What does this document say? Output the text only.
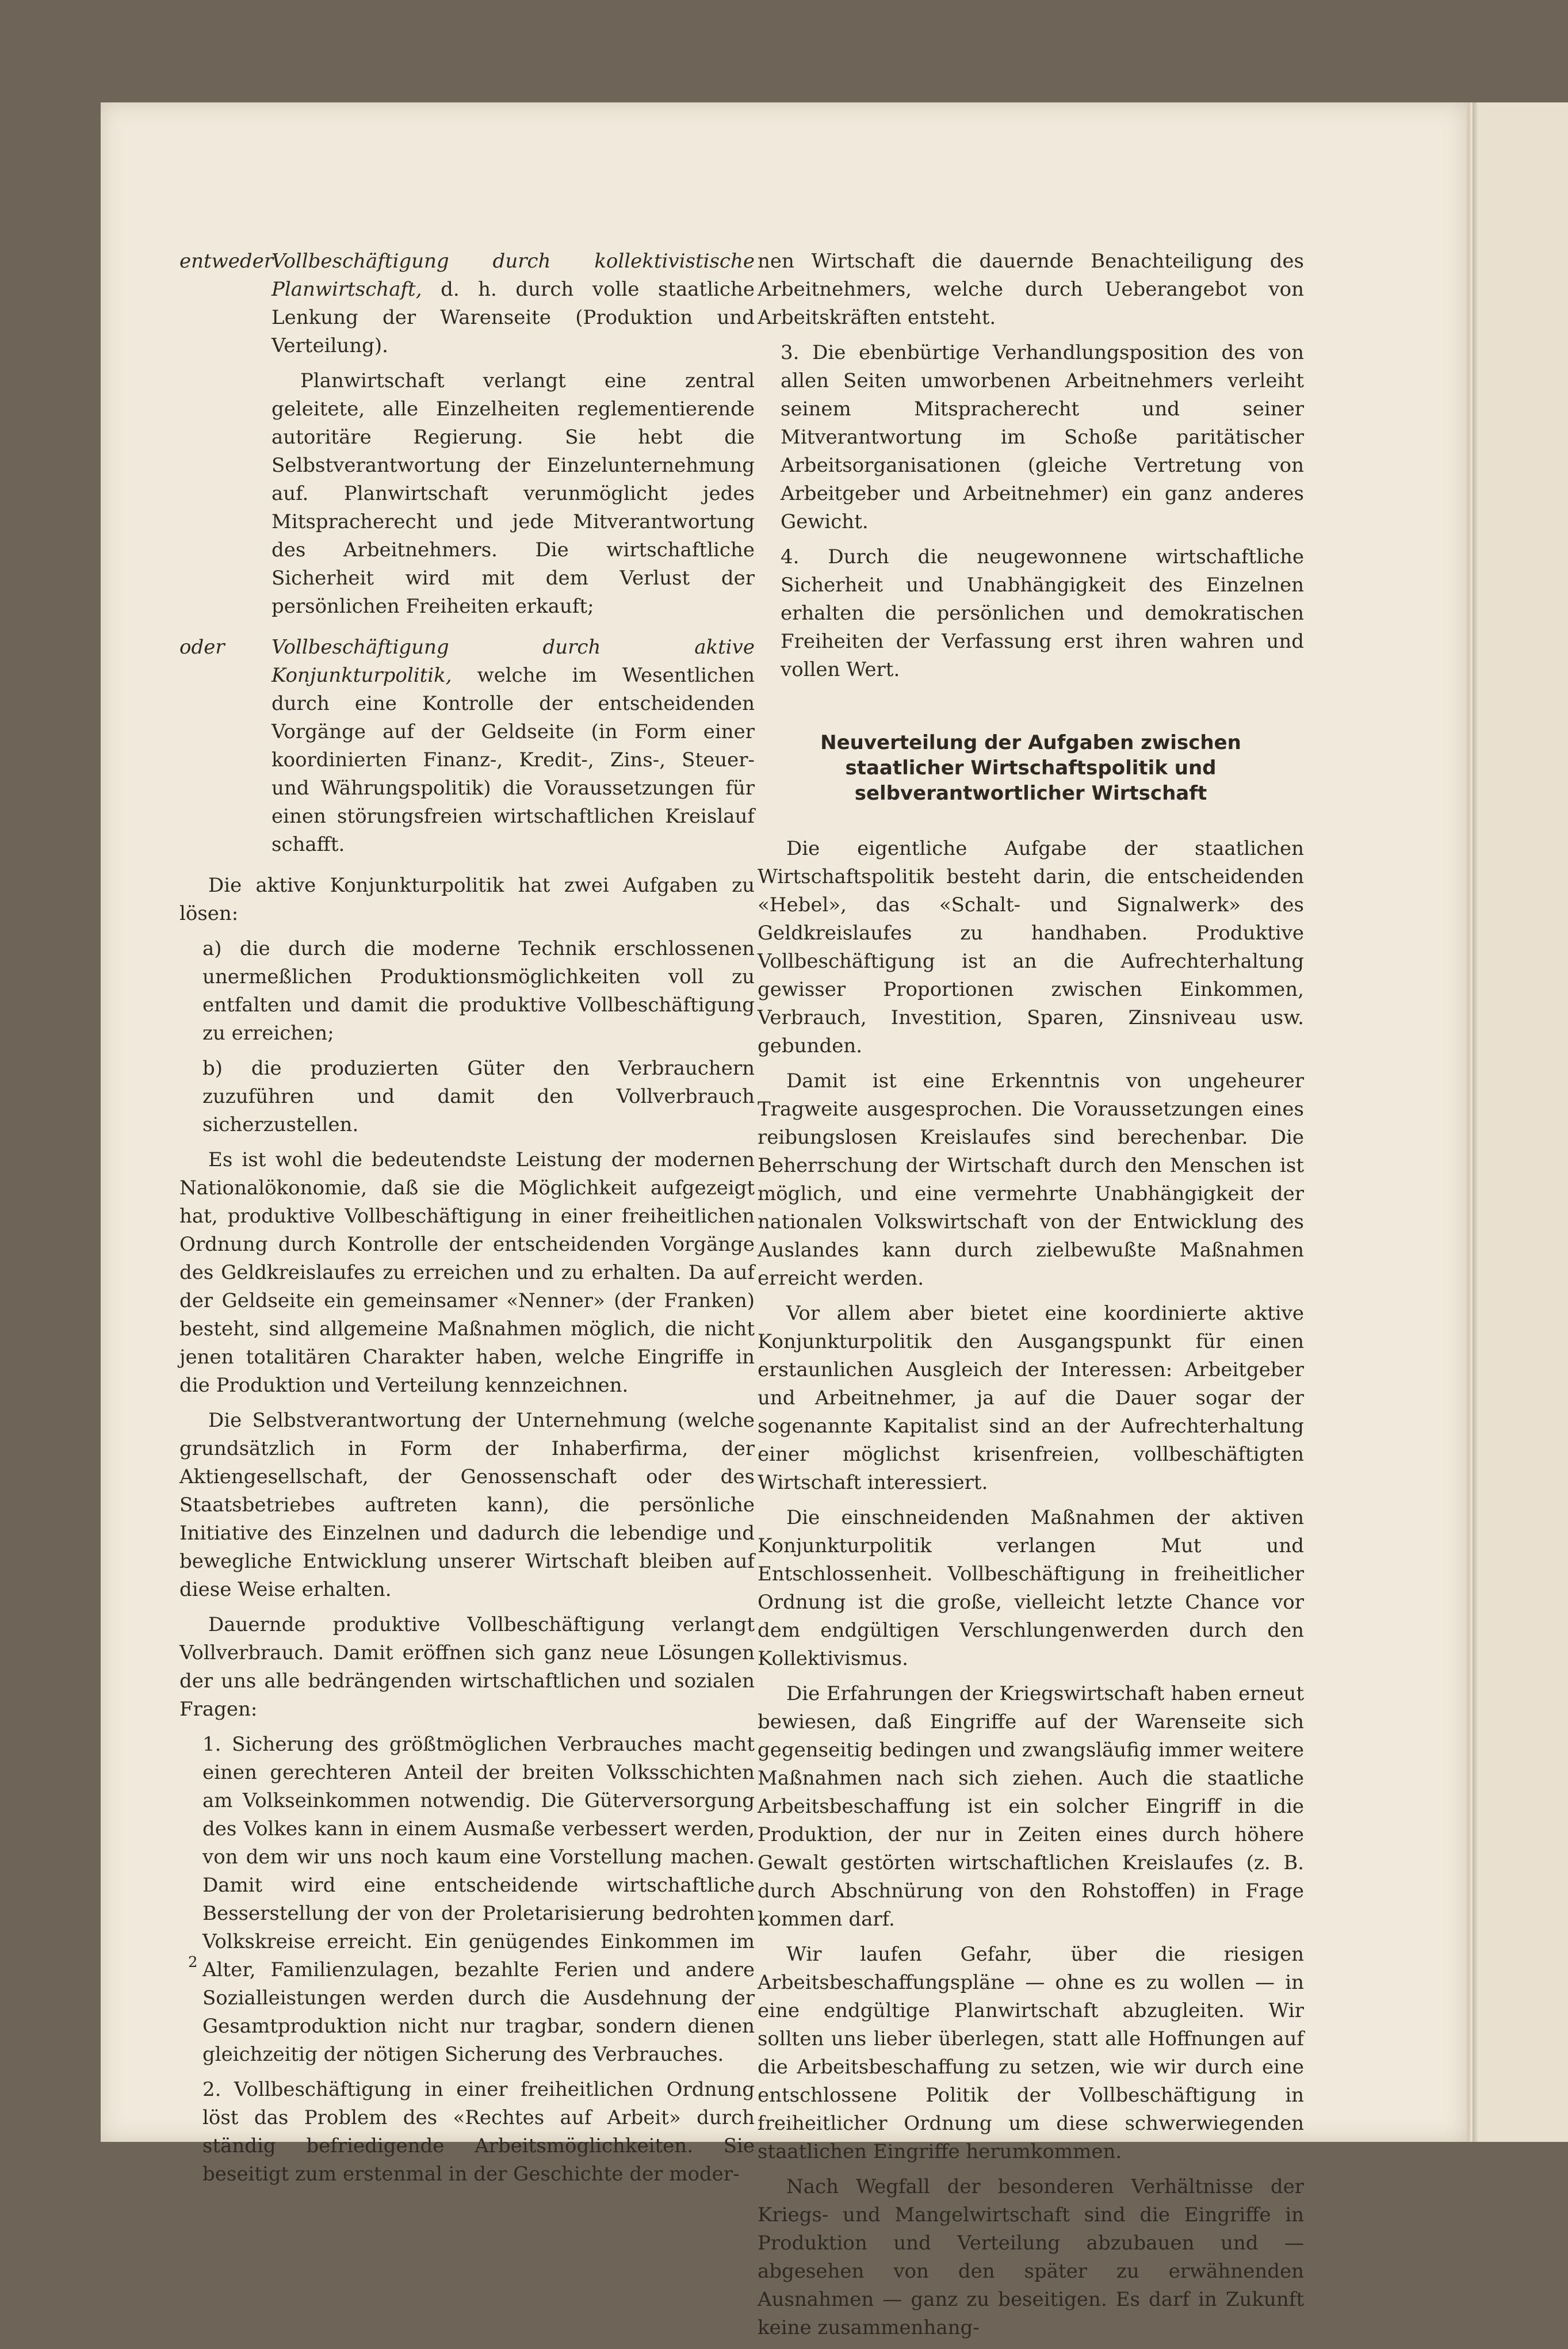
entweder

Vollbeschäftigung durch kollektivistische Planwirtschaft, d. h. durch volle staatliche Lenkung der Warenseite (Produktion und Verteilung).

Planwirtschaft verlangt eine zentral geleitete, alle Einzelheiten reglementierende autoritäre Regierung. Sie hebt die Selbstverantwortung der Einzelunternehmung auf. Planwirtschaft verunmöglicht jedes Mitspracherecht und jede Mitverantwortung des Arbeitnehmers. Die wirtschaftliche Sicherheit wird mit dem Verlust der persönlichen Freiheiten erkauft;

oder	Vollbeschäftigung durch aktive Konjunkturpolitik, welche im Wesentlichen durch eine Kontrolle der entscheidenden Vorgänge auf der Geldseite (in Form einer koordinierten Finanz-, Kredit-, Zins-, Steuer- und Währungspolitik) die Voraussetzungen für einen störungsfreien wirtschaftlichen Kreislauf schafft.

Die aktive Konjunkturpolitik hat zwei Aufgaben zu lösen:

a) die durch die moderne Technik erschlossenen unermeßlichen Produktionsmöglichkeiten voll zu entfalten und damit die produktive Vollbeschäftigung zu erreichen;

b) die produzierten Güter den Verbrauchern zuzuführen und damit den Vollverbrauch sicherzustellen.

Es ist wohl die bedeutendste Leistung der modernen Nationalökonomie, daß sie die Möglichkeit aufgezeigt hat, produktive Vollbeschäftigung in einer freiheitlichen Ordnung durch Kontrolle der entscheidenden Vorgänge des Geldkreislaufes zu erreichen und zu erhalten. Da auf der Geldseite ein gemeinsamer «Nenner» (der Franken) besteht, sind allgemeine Maßnahmen möglich, die nicht jenen totalitären Charakter haben, welche Eingriffe in die Produktion und Verteilung kennzeichnen.

Die Selbstverantwortung der Unternehmung (welche grundsätzlich in Form der Inhaberfirma, der Aktiengesellschaft, der Genossenschaft oder des Staatsbetriebes auftreten kann), die persönliche Initiative des Einzelnen und dadurch die lebendige und bewegliche Entwicklung unserer Wirtschaft bleiben auf diese Weise erhalten.

Dauernde produktive Vollbeschäftigung verlangt Vollverbrauch. Damit eröffnen sich ganz neue Lösungen der uns alle bedrängenden wirtschaftlichen und sozialen Fragen:

1. Sicherung des größtmöglichen Verbrauches macht einen gerechteren Anteil der breiten Volksschichten am Volkseinkommen notwendig. Die Güterversorgung des Volkes kann in einem Ausmaße verbessert werden, von dem wir uns noch kaum eine Vorstellung machen. Damit wird eine entscheidende wirtschaftliche Besserstellung der von der Proletarisierung bedrohten Volkskreise erreicht. Ein genügendes Einkommen im Alter, Familienzulagen, bezahlte Ferien und andere Sozialleistungen werden durch die Ausdehnung der Gesamtproduktion nicht nur tragbar, sondern dienen gleichzeitig der nötigen Sicherung des Verbrauches.

2. Vollbeschäftigung in einer freiheitlichen Ordnung löst das Problem des «Rechtes auf Arbeit» durch ständig befriedigende Arbeitsmöglichkeiten. Sie beseitigt zum erstenmal in der Geschichte der moder-

nen Wirtschaft die dauernde Benachteiligung des Arbeitnehmers, welche durch Ueberangebot von Arbeitskräften entsteht.

3. Die ebenbürtige Verhandlungsposition des von allen Seiten umworbenen Arbeitnehmers verleiht seinem Mitspracherecht und seiner Mitverantwortung im Schoße paritätischer Arbeitsorganisationen (gleiche Vertretung von Arbeitgeber und Arbeitnehmer) ein ganz anderes Gewicht.

4. Durch die neugewonnene wirtschaftliche Sicherheit und Unabhängigkeit des Einzelnen erhalten die persönlichen und demokratischen Freiheiten der Verfassung erst ihren wahren und vollen Wert.

Neuverteilung der Aufgaben zwischen staatlicher Wirtschaftspolitik und selbverantwortlicher Wirtschaft

Die eigentliche Aufgabe der staatlichen Wirtschaftspolitik besteht darin, die entscheidenden «Hebel», das «Schalt- und Signalwerk» des Geldkreislaufes zu handhaben. Produktive Vollbeschäftigung ist an die Aufrechterhaltung gewisser Proportionen zwischen Einkommen, Verbrauch, Investition, Sparen, Zinsniveau usw. gebunden.

Damit ist eine Erkenntnis von ungeheurer Tragweite ausgesprochen. Die Voraussetzungen eines reibungslosen Kreislaufes sind berechenbar. Die Beherrschung der Wirtschaft durch den Menschen ist möglich, und eine vermehrte Unabhängigkeit der nationalen Volkswirtschaft von der Entwicklung des Auslandes kann durch zielbewußte Maßnahmen erreicht werden.

Vor allem aber bietet eine koordinierte aktive Konjunkturpolitik den Ausgangspunkt für einen erstaunlichen Ausgleich der Interessen: Arbeitgeber und Arbeitnehmer, ja auf die Dauer sogar der sogenannte Kapitalist sind an der Aufrechterhaltung einer möglichst krisenfreien, vollbeschäftigten Wirtschaft interessiert.

Die einschneidenden Maßnahmen der aktiven Konjunkturpolitik verlangen Mut und Entschlossenheit. Vollbeschäftigung in freiheitlicher Ordnung ist die große, vielleicht letzte Chance vor dem endgültigen Verschlungenwerden durch den Kollektivismus.

Die Erfahrungen der Kriegswirtschaft haben erneut bewiesen, daß Eingriffe auf der Warenseite sich gegenseitig bedingen und zwangsläufig immer weitere Maßnahmen nach sich ziehen. Auch die staatliche Arbeitsbeschaffung ist ein solcher Eingriff in die Produktion, der nur in Zeiten eines durch höhere Gewalt gestörten wirtschaftlichen Kreislaufes (z. B. durch Abschnürung von den Rohstoffen) in Frage kommen darf.

Wir laufen Gefahr, über die riesigen Arbeitsbeschaffungspläne — ohne es zu wollen — in eine endgültige Planwirtschaft abzugleiten. Wir sollten uns lieber überlegen, statt alle Hoffnungen auf die Arbeitsbeschaffung zu setzen, wie wir durch eine entschlossene Politik der Vollbeschäftigung in freiheitlicher Ordnung um diese schwerwiegenden staatlichen Eingriffe herumkommen.

Nach Wegfall der besonderen Verhältnisse der Kriegs- und Mangelwirtschaft sind die Eingriffe in Produktion und Verteilung abzubauen und — abgesehen von den später zu erwähnenden Ausnahmen — ganz zu beseitigen. Es darf in Zukunft keine zusammenhang-

2
